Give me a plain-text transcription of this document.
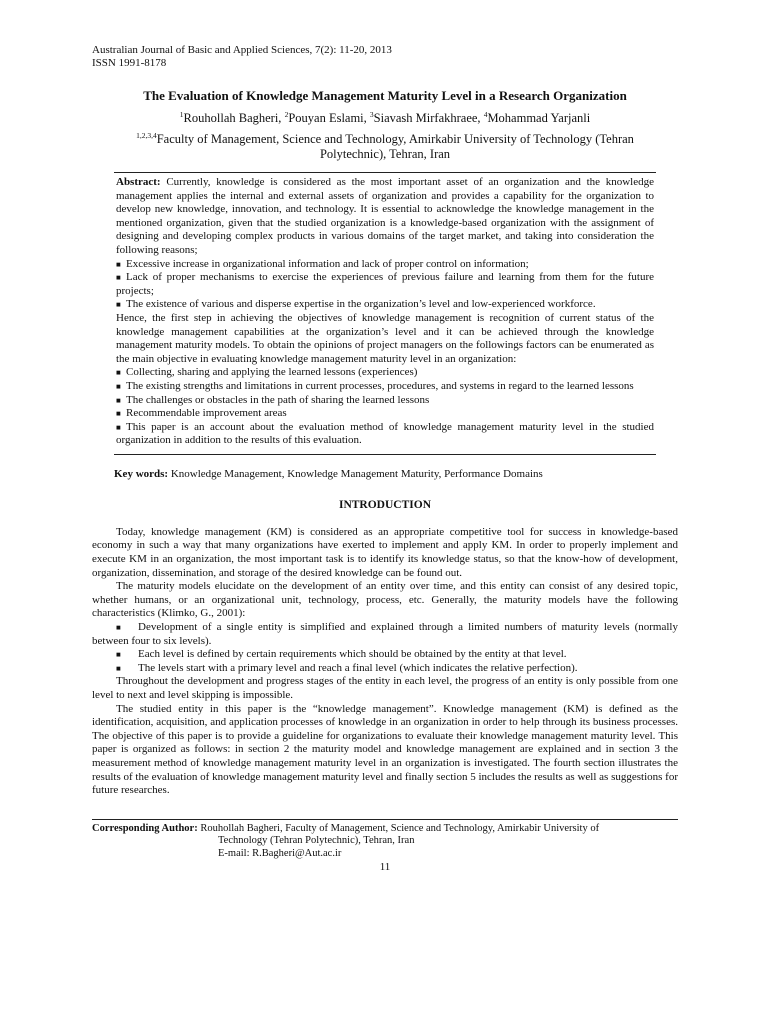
Australian Journal of Basic and Applied Sciences, 7(2): 11-20, 2013
ISSN 1991-8178
The Evaluation of Knowledge Management Maturity Level in a Research Organization
$^1$Rouhollah Bagheri, $^2$Pouyan Eslami, $^3$Siavash Mirfakhraee, $^4$Mohammad Yarjanli
$^{1,2,3,4}$Faculty of Management, Science and Technology, Amirkabir University of Technology (Tehran
Polytechnic), Tehran, Iran

Abstract: Currently, knowledge is considered as the most important asset of an organization and the knowledge management applies the internal and external assets of organization and provides a capability for the organization to develop new knowledge, innovation, and technology. It is essential to acknowledge the knowledge management in the mentioned organization, given that the studied organization is a knowledge-based organization with the assignment of designing and developing complex products in various domains of the target market, and taking into consideration the following reasons;

■ Excessive increase in organizational information and lack of proper control on information;

■ Lack of proper mechanisms to exercise the experiences of previous failure and learning from them for the future projects;

■ The existence of various and disperse expertise in the organization’s level and low-experienced workforce.

Hence, the first step in achieving the objectives of knowledge management is recognition of current status of the knowledge management capabilities at the organization’s level and it can be achieved through the knowledge management maturity models. To obtain the opinions of project managers on the followings factors can be enumerated as the main objective in evaluating knowledge management maturity level in an organization:

■ Collecting, sharing and applying the learned lessons (experiences)

■ The existing strengths and limitations in current processes, procedures, and systems in regard to the learned lessons

■ The challenges or obstacles in the path of sharing the learned lessons

■ Recommendable improvement areas

■ This paper is an account about the evaluation method of knowledge management maturity level in the studied organization in addition to the results of this evaluation.

Key words: Knowledge Management, Knowledge Management Maturity, Performance Domains
INTRODUCTION

Today, knowledge management (KM) is considered as an appropriate competitive tool for success in knowledge-based economy in such a way that many organizations have exerted to implement and apply KM. In order to properly implement and execute KM in an organization, the most important task is to identify its knowledge status, so that the know-how of development, organization, dissemination, and storage of the desired knowledge can be found out.

The maturity models elucidate on the development of an entity over time, and this entity can consist of any desired topic, whether humans, or an organizational unit, technology, process, etc. Generally, the maturity models have the following characteristics (Klimko, G., 2001):

■ Development of a single entity is simplified and explained through a limited numbers of maturity levels (normally between four to six levels).

■ Each level is defined by certain requirements which should be obtained by the entity at that level.

■ The levels start with a primary level and reach a final level (which indicates the relative perfection).

Throughout the development and progress stages of the entity in each level, the progress of an entity is only possible from one level to next and level skipping is impossible.

The studied entity in this paper is the “knowledge management”. Knowledge management (KM) is defined as the identification, acquisition, and application processes of knowledge in an organization in order to help through its business processes. The objective of this paper is to provide a guideline for organizations to evaluate their knowledge management maturity level. This paper is organized as follows: in section 2 the maturity model and knowledge management are explained and in section 3 the measurement method of knowledge management maturity level in an organization is investigated. The fourth section illustrates the results of the evaluation of knowledge management maturity level and finally section 5 includes the results as well as suggestions for future researches.

Corresponding Author: Rouhollah Bagheri, Faculty of Management, Science and Technology, Amirkabir University of
Technology (Tehran Polytechnic), Tehran, Iran
E-mail: R.Bagheri@Aut.ac.ir
11
